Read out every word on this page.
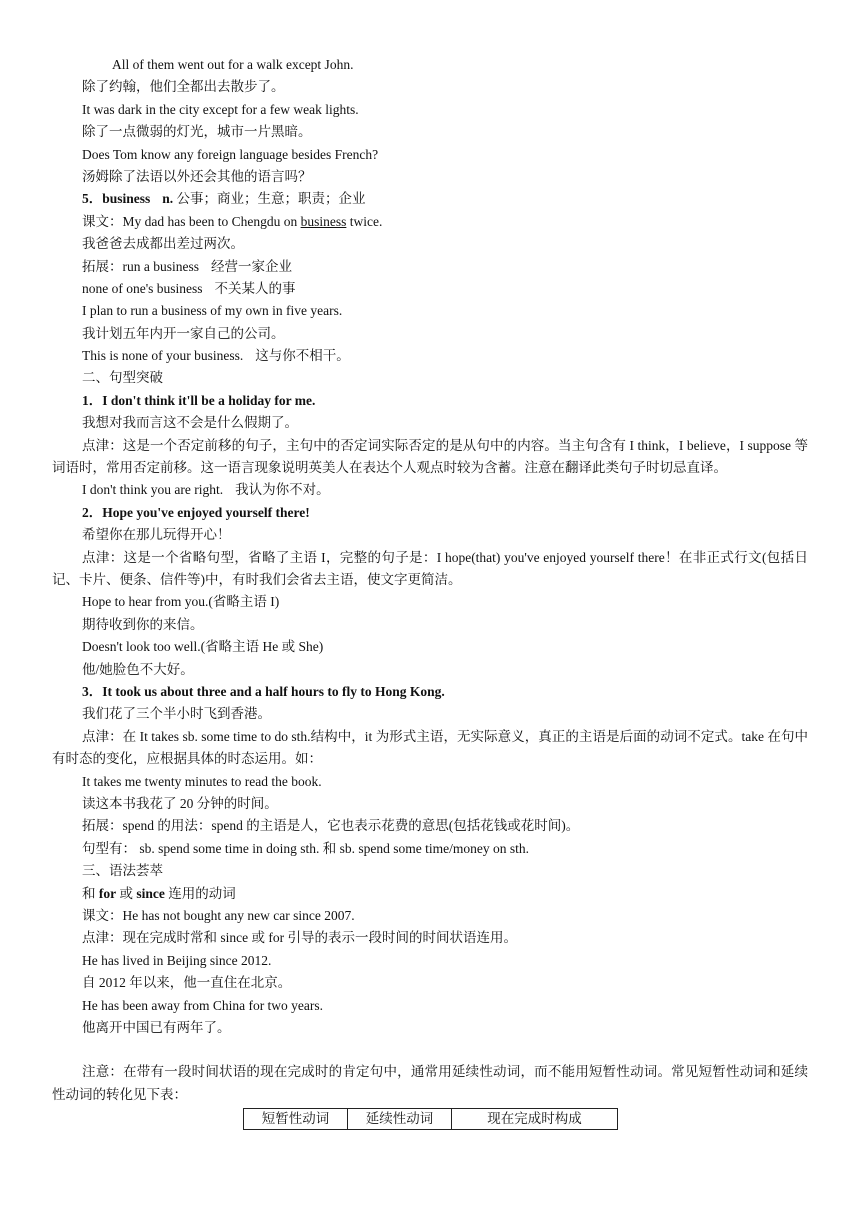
All of them went out for a walk except John.

除了约翰，他们全都出去散步了。

It was dark in the city except for a few weak lights.

除了一点微弱的灯光，城市一片黑暗。

Does Tom know any foreign language besides French?

汤姆除了法语以外还会其他的语言吗？

5．business n. 公事；商业；生意；职责；企业

课文：My dad has been to Chengdu on business twice.

我爸爸去成都出差过两次。

拓展：run a business 经营一家企业

none of one's business 不关某人的事

I plan to run a business of my own in five years.

我计划五年内开一家自己的公司。

This is none of your business. 这与你不相干。

二、句型突破

1．I don't think it'll be a holiday for me.

我想对我而言这不会是什么假期了。

点津：这是一个否定前移的句子，主句中的否定词实际否定的是从句中的内容。当主句含有 I think，I believe，I suppose 等词语时，常用否定前移。这一语言现象说明英美人在表达个人观点时较为含蓄。注意在翻译此类句子时切忌直译。

I don't think you are right. 我认为你不对。

2．Hope you've enjoyed yourself there!

希望你在那儿玩得开心！

点津：这是一个省略句型，省略了主语 I，完整的句子是：I hope(that) you've enjoyed yourself there！在非正式行文(包括日记、卡片、便条、信件等)中，有时我们会省去主语，使文字更简洁。

Hope to hear from you.(省略主语 I)

期待收到你的来信。

Doesn't look too well.(省略主语 He 或 She)

他/她脸色不大好。

3．It took us about three and a half hours to fly to Hong Kong.

我们花了三个半小时飞到香港。

点津：在 It takes sb. some time to do sth.结构中，it 为形式主语，无实际意义，真正的主语是后面的动词不定式。take 在句中有时态的变化，应根据具体的时态运用。如：

It takes me twenty minutes to read the book.

读这本书我花了 20 分钟的时间。

拓展：spend 的用法：spend 的主语是人，它也表示花费的意思(包括花钱或花时间)。

句型有： sb. spend some time in doing sth. 和 sb. spend some time/money on sth.

三、语法荟萃

和 for 或 since 连用的动词

课文：He has not bought any new car since 2007.

点津：现在完成时常和 since 或 for 引导的表示一段时间的时间状语连用。

He has lived in Beijing since 2012.

自 2012 年以来，他一直住在北京。

He has been away from China for two years.

他离开中国已有两年了。

注意：在带有一段时间状语的现在完成时的肯定句中，通常用延续性动词，而不能用短暂性动词。常见短暂性动词和延续性动词的转化见下表：

短暂性动词	延续性动词	现在完成时构成
